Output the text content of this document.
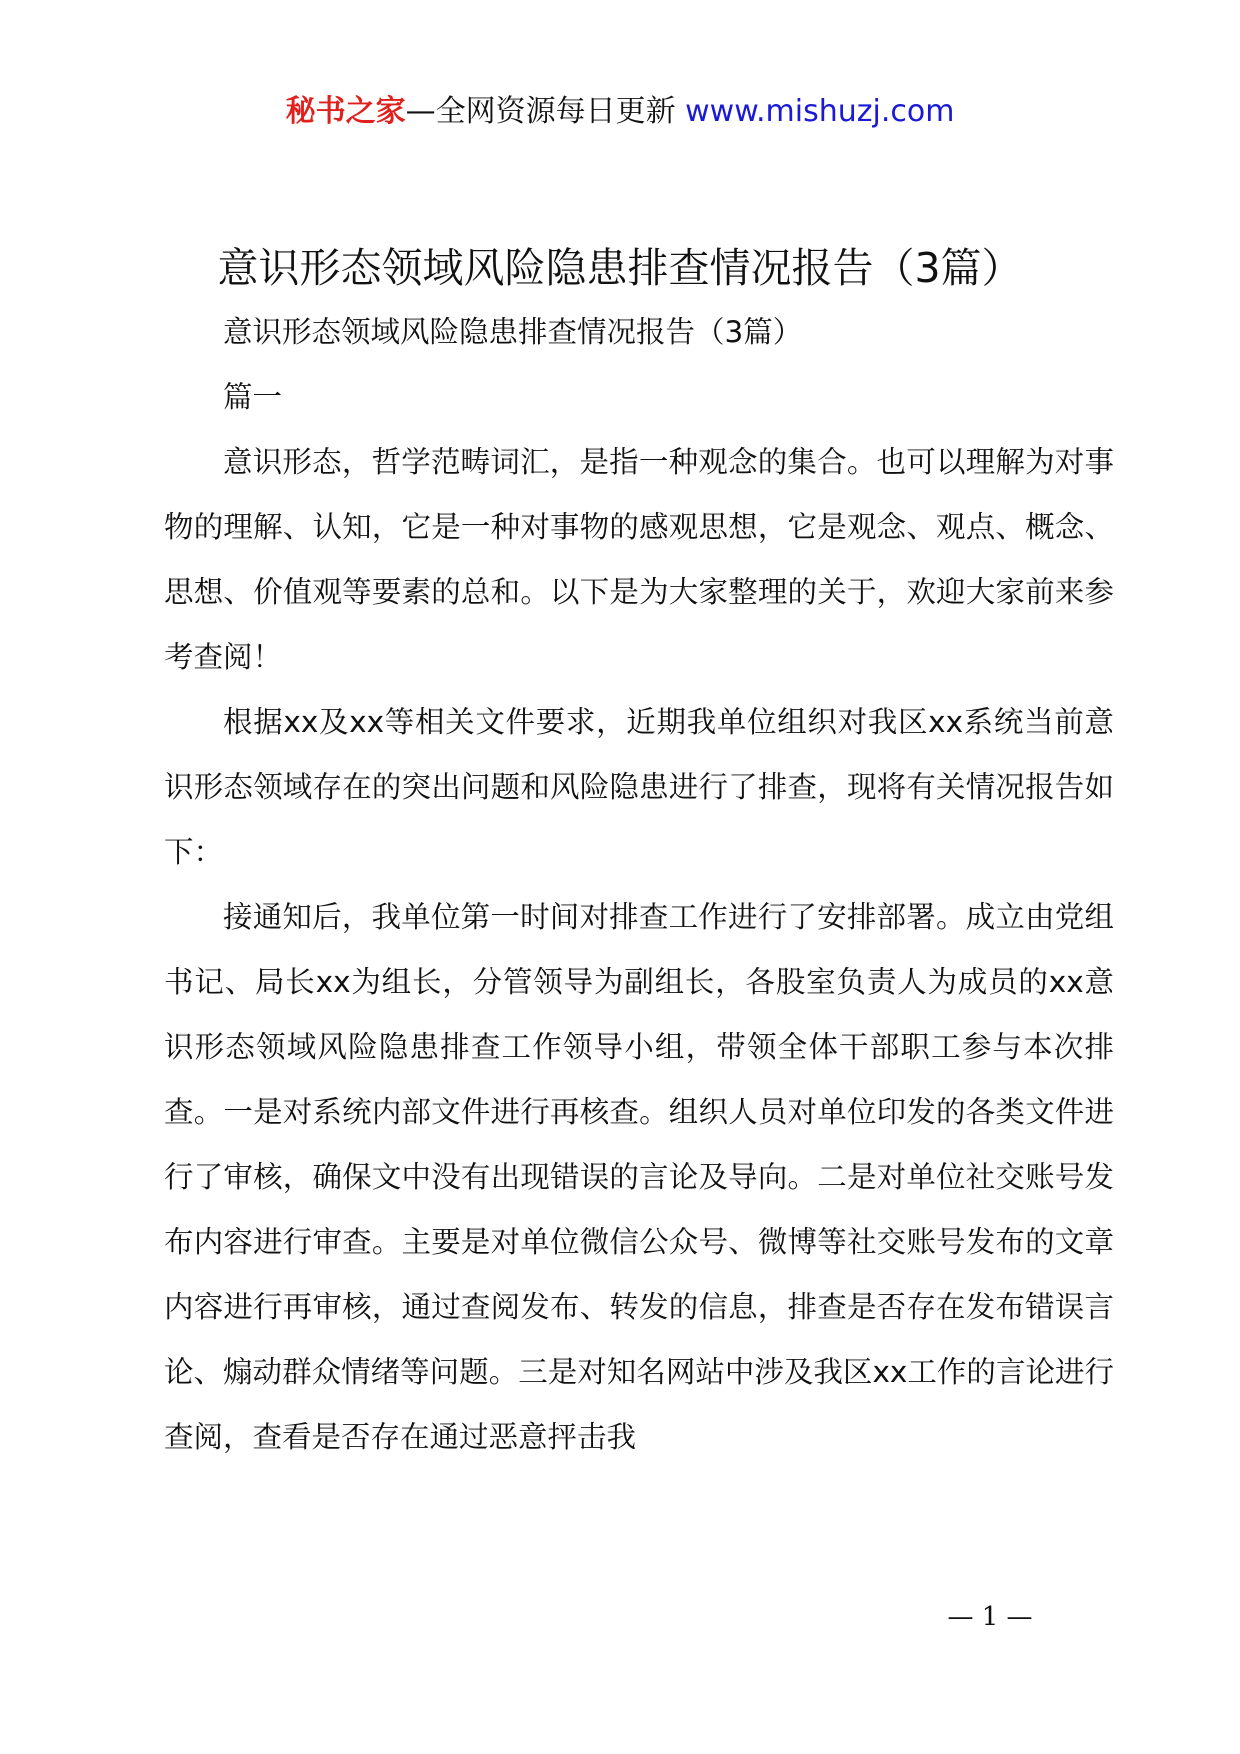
秘书之家—全网资源每日更新 www.mishuzj.com
意识形态领域风险隐患排查情况报告（3篇）

意识形态领域风险隐患排查情况报告（3篇）

篇一

意识形态，哲学范畴词汇，是指一种观念的集合。也可以理解为对事物的理解、认知，它是一种对事物的感观思想，它是观念、观点、概念、思想、价值观等要素的总和。以下是为大家整理的关于，欢迎大家前来参考查阅！

根据xx及xx等相关文件要求，近期我单位组织对我区xx系统当前意识形态领域存在的突出问题和风险隐患进行了排查，现将有关情况报告如下：

接通知后，我单位第一时间对排查工作进行了安排部署。成立由党组书记、局长xx为组长，分管领导为副组长，各股室负责人为成员的xx意识形态领域风险隐患排查工作领导小组，带领全体干部职工参与本次排查。一是对系统内部文件进行再核查。组织人员对单位印发的各类文件进行了审核，确保文中没有出现错误的言论及导向。二是对单位社交账号发布内容进行审查。主要是对单位微信公众号、微博等社交账号发布的文章内容进行再审核，通过查阅发布、转发的信息，排查是否存在发布错误言论、煽动群众情绪等问题。三是对知名网站中涉及我区xx工作的言论进行查阅，查看是否存在通过恶意抨击我

— 1 —
